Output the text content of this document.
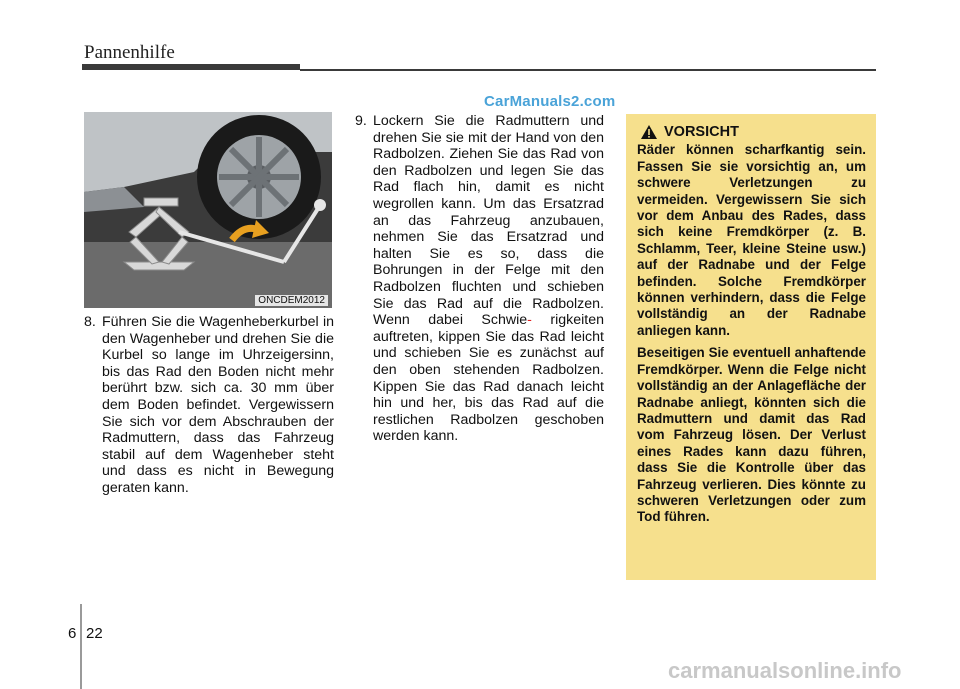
Pannenhilfe
CarManuals2.com
ONCDEM2012
8. Führen Sie die Wagenheberkurbel in den Wagenheber und drehen Sie die Kurbel so lange im Uhrzeigersinn, bis das Rad den Boden nicht mehr berührt bzw. sich ca. 30 mm über dem Boden befindet. Vergewissern Sie sich vor dem Abschrauben der Radmuttern, dass das Fahrzeug stabil auf dem Wagenheber steht und dass es nicht in Bewegung geraten kann.
9. Lockern Sie die Radmuttern und drehen Sie sie mit der Hand von den Radbolzen. Ziehen Sie das Rad von den Radbolzen und legen Sie das Rad flach hin, damit es nicht wegrollen kann. Um das Ersatzrad an das Fahrzeug anzubauen, nehmen Sie das Ersatzrad und halten Sie es so, dass die Bohrungen in der Felge mit den Radbolzen fluchten und schieben Sie das Rad auf die Radbolzen. Wenn dabei Schwie- rigkeiten auftreten, kippen Sie das Rad leicht und schieben Sie es zunächst auf den oben stehenden Radbolzen. Kippen Sie das Rad danach leicht hin und her, bis das Rad auf die restlichen Radbolzen geschoben werden kann.
VORSICHT

Räder können scharfkantig sein. Fassen Sie sie vorsichtig an, um schwere Verletzungen zu vermeiden. Vergewissern Sie sich vor dem Anbau des Rades, dass sich keine Fremdkörper (z. B. Schlamm, Teer, kleine Steine usw.) auf der Radnabe und der Felge befinden. Solche Fremdkörper können verhindern, dass die Felge vollständig an der Radnabe anliegen kann.

Beseitigen Sie eventuell anhaftende Fremdkörper. Wenn die Felge nicht vollständig an der Anlagefläche der Radnabe anliegt, könnten sich die Radmuttern und damit das Rad vom Fahrzeug lösen. Der Verlust eines Rades kann dazu führen, dass Sie die Kontrolle über das Fahrzeug verlieren. Dies könnte zu schweren Verletzungen oder zum Tod führen.

6 22
carmanualsonline.info
